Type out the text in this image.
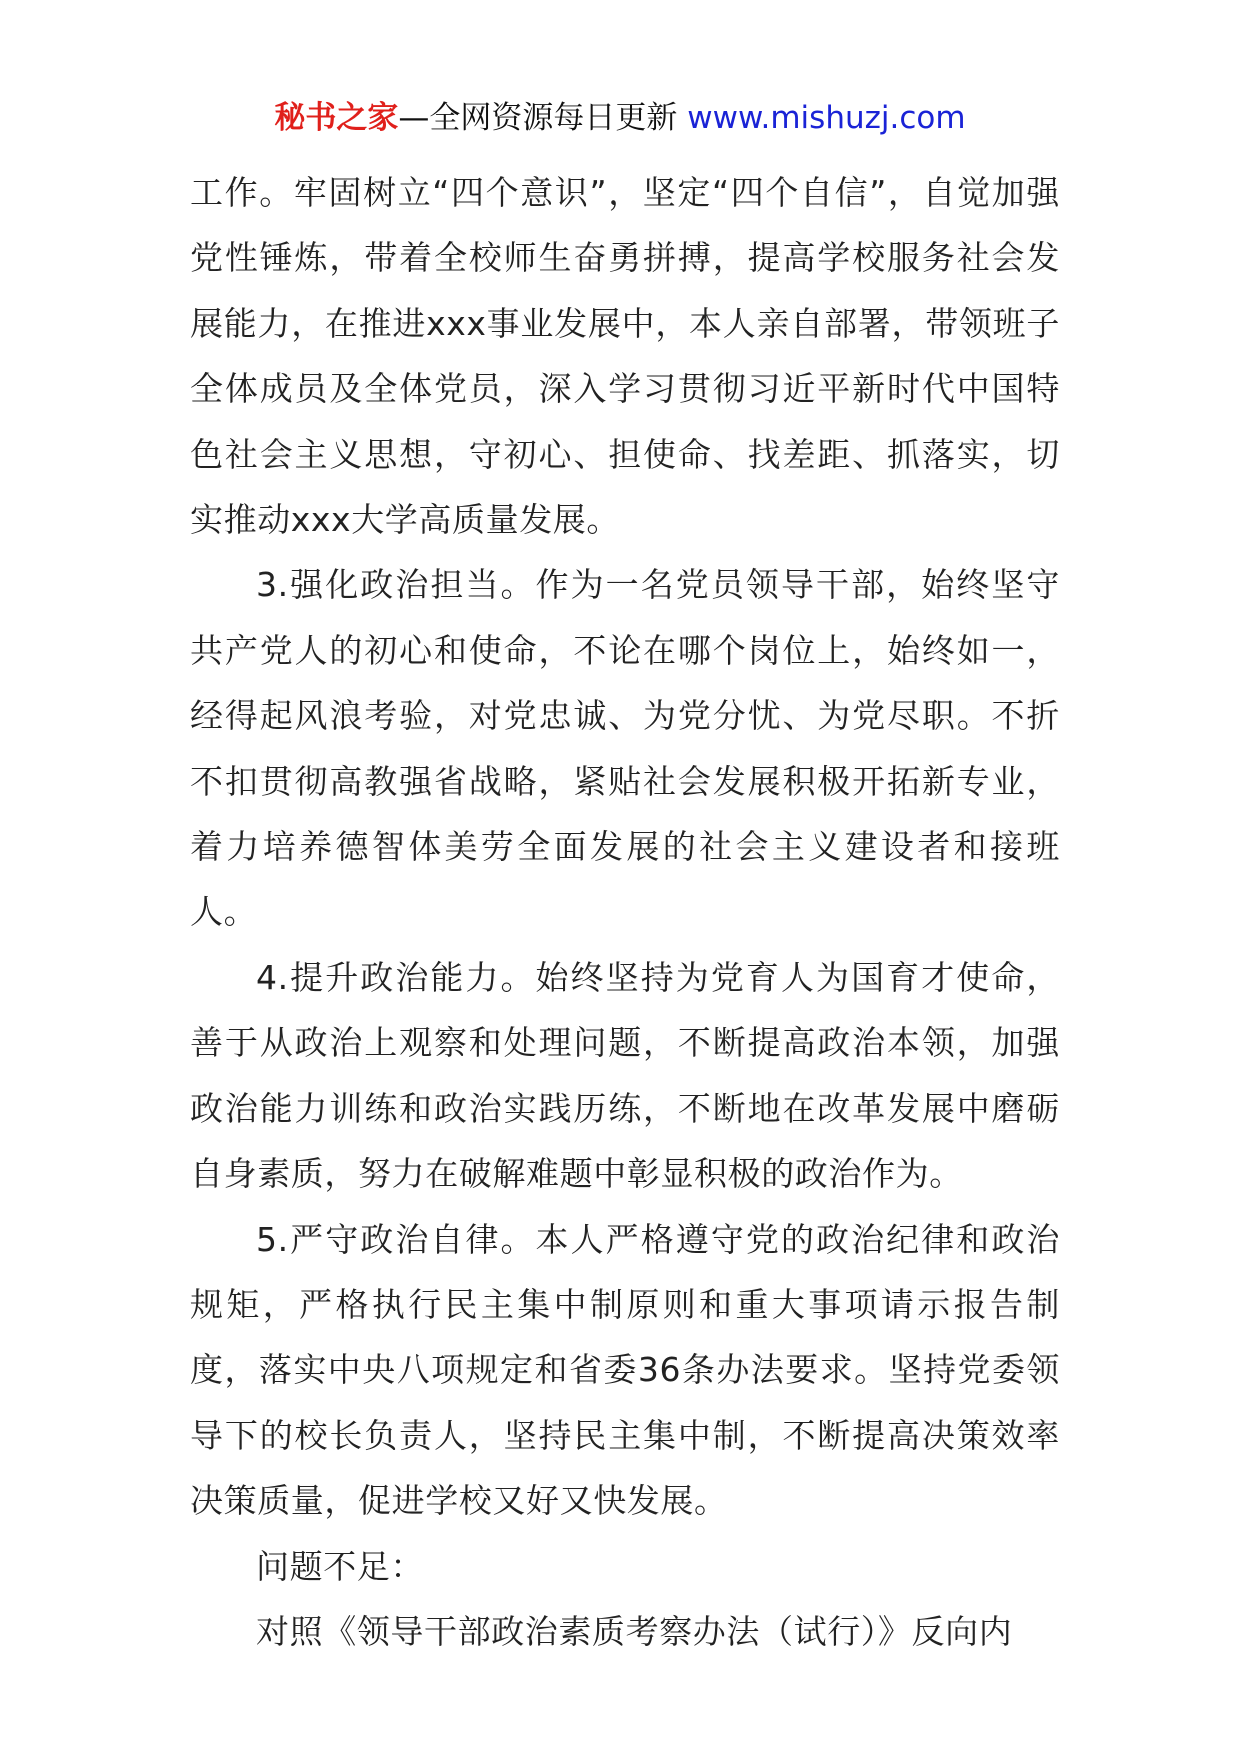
秘书之家—全网资源每日更新 www.mishuzj.com

工作。牢固树立“四个意识”，坚定“四个自信”，自觉加强党性锤炼，带着全校师生奋勇拼搏，提高学校服务社会发展能力，在推进xxx事业发展中，本人亲自部署，带领班子全体成员及全体党员，深入学习贯彻习近平新时代中国特色社会主义思想，守初心、担使命、找差距、抓落实，切实推动xxx大学高质量发展。

3.强化政治担当。作为一名党员领导干部，始终坚守共产党人的初心和使命，不论在哪个岗位上，始终如一，经得起风浪考验，对党忠诚、为党分忧、为党尽职。不折不扣贯彻高教强省战略，紧贴社会发展积极开拓新专业，着力培养德智体美劳全面发展的社会主义建设者和接班人。

4.提升政治能力。始终坚持为党育人为国育才使命，善于从政治上观察和处理问题，不断提高政治本领，加强政治能力训练和政治实践历练，不断地在改革发展中磨砺自身素质，努力在破解难题中彰显积极的政治作为。

5.严守政治自律。本人严格遵守党的政治纪律和政治规矩，严格执行民主集中制原则和重大事项请示报告制度，落实中央八项规定和省委36条办法要求。坚持党委领导下的校长负责人，坚持民主集中制，不断提高决策效率决策质量，促进学校又好又快发展。

问题不足：

对照《领导干部政治素质考察办法（试行）》反向内
